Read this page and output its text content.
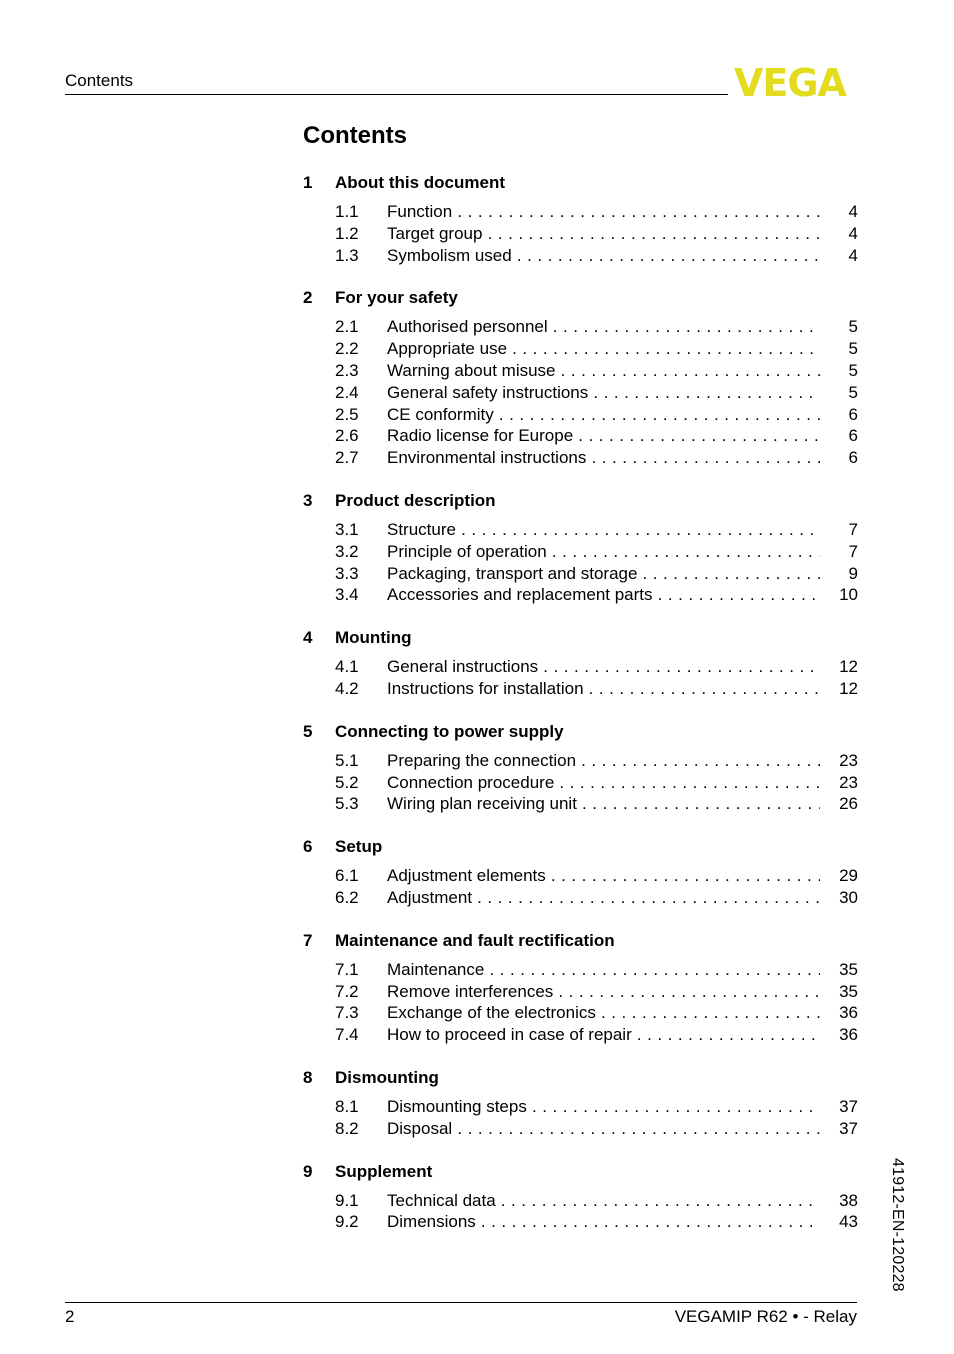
Contents	VEGA
Contents
1	About this document
1.1	Function . . .	4
1.2	Target group . . .	4
1.3	Symbolism used . . .	4
2	For your safety
2.1	Authorised personnel . . .	5
2.2	Appropriate use . . .	5
2.3	Warning about misuse . . .	5
2.4	General safety instructions . . .	5
2.5	CE conformity . . .	6
2.6	Radio license for Europe . . .	6
2.7	Environmental instructions . . .	6
3	Product description
3.1	Structure . . .	7
3.2	Principle of operation . . .	7
3.3	Packaging, transport and storage . . .	9
3.4	Accessories and replacement parts . . .	10
4	Mounting
4.1	General instructions . . .	12
4.2	Instructions for installation . . .	12
5	Connecting to power supply
5.1	Preparing the connection . . .	23
5.2	Connection procedure . . .	23
5.3	Wiring plan receiving unit . . .	26
6	Setup
6.1	Adjustment elements . . .	29
6.2	Adjustment . . .	30
7	Maintenance and fault rectification
7.1	Maintenance . . .	35
7.2	Remove interferences . . .	35
7.3	Exchange of the electronics . . .	36
7.4	How to proceed in case of repair . . .	36
8	Dismounting
8.1	Dismounting steps . . .	37
8.2	Disposal . . .	37
9	Supplement
9.1	Technical data . . .	38
9.2	Dimensions . . .	43 41912-EN-120228
2	VEGAMIP R62 • - Relay
